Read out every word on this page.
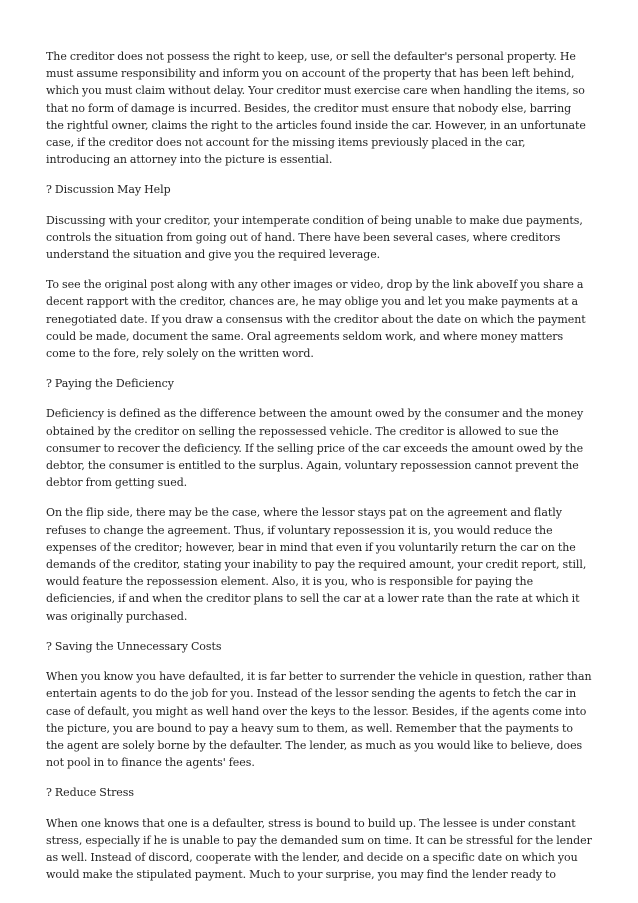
The creditor does not possess the right to keep, use, or sell the defaulter's personal property. He must assume responsibility and inform you on account of the property that has been left behind, which you must claim without delay. Your creditor must exercise care when handling the items, so that no form of damage is incurred. Besides, the creditor must ensure that nobody else, barring the rightful owner, claims the right to the articles found inside the car. However, in an unfortunate case, if the creditor does not account for the missing items previously placed in the car, introducing an attorney into the picture is essential.

? Discussion May Help

Discussing with your creditor, your intemperate condition of being unable to make due payments, controls the situation from going out of hand. There have been several cases, where creditors understand the situation and give you the required leverage.

To see the original post along with any other images or video, drop by the link aboveIf you share a decent rapport with the creditor, chances are, he may oblige you and let you make payments at a renegotiated date. If you draw a consensus with the creditor about the date on which the payment could be made, document the same. Oral agreements seldom work, and where money matters come to the fore, rely solely on the written word.

? Paying the Deficiency

Deficiency is defined as the difference between the amount owed by the consumer and the money obtained by the creditor on selling the repossessed vehicle. The creditor is allowed to sue the consumer to recover the deficiency. If the selling price of the car exceeds the amount owed by the debtor, the consumer is entitled to the surplus. Again, voluntary repossession cannot prevent the debtor from getting sued.

On the flip side, there may be the case, where the lessor stays pat on the agreement and flatly refuses to change the agreement. Thus, if voluntary repossession it is, you would reduce the expenses of the creditor; however, bear in mind that even if you voluntarily return the car on the demands of the creditor, stating your inability to pay the required amount, your credit report, still, would feature the repossession element. Also, it is you, who is responsible for paying the deficiencies, if and when the creditor plans to sell the car at a lower rate than the rate at which it was originally purchased.

? Saving the Unnecessary Costs

When you know you have defaulted, it is far better to surrender the vehicle in question, rather than entertain agents to do the job for you. Instead of the lessor sending the agents to fetch the car in case of default, you might as well hand over the keys to the lessor. Besides, if the agents come into the picture, you are bound to pay a heavy sum to them, as well. Remember that the payments to the agent are solely borne by the defaulter. The lender, as much as you would like to believe, does not pool in to finance the agents' fees.

? Reduce Stress

When one knows that one is a defaulter, stress is bound to build up. The lessee is under constant stress, especially if he is unable to pay the demanded sum on time. It can be stressful for the lender as well. Instead of discord, cooperate with the lender, and decide on a specific date on which you would make the stipulated payment. Much to your surprise, you may find the lender ready to
